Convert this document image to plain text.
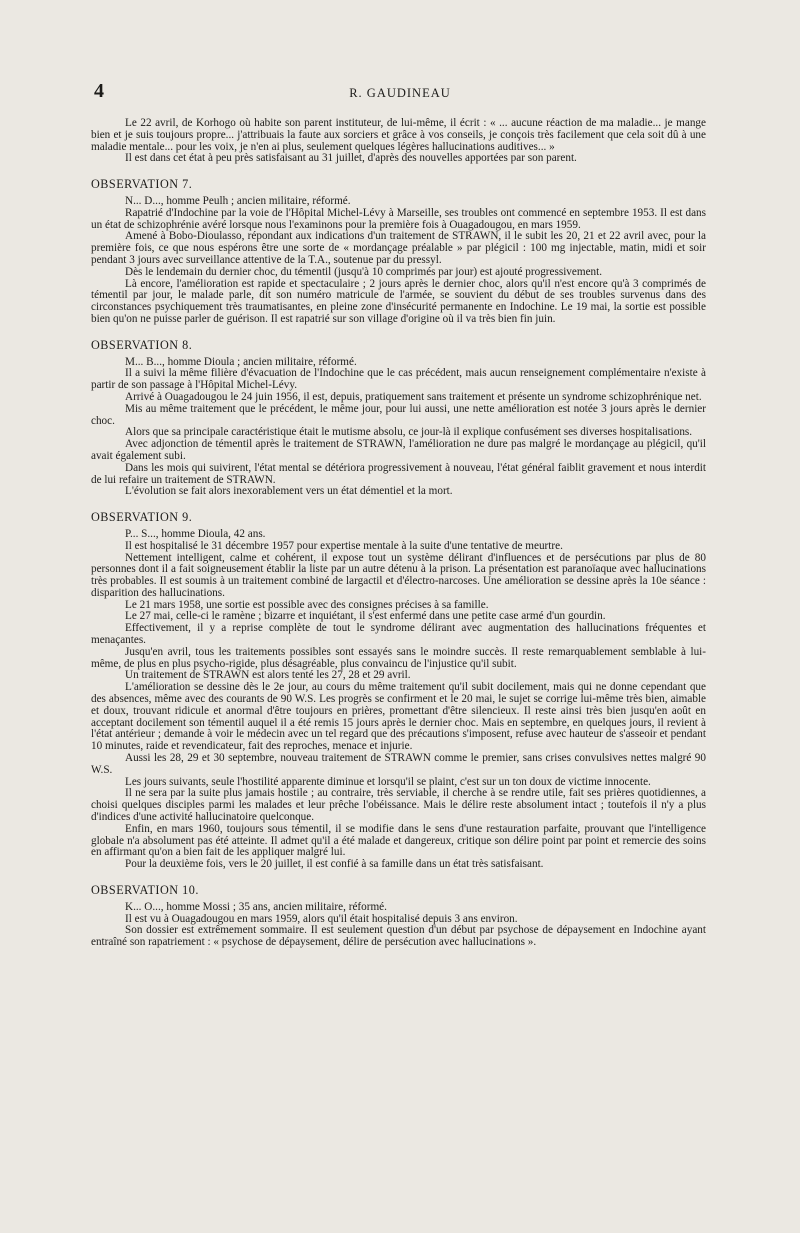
4	R. GAUDINEAU

Le 22 avril, de Korhogo où habite son parent instituteur, de lui-même, il écrit : « ... aucune réaction de ma maladie... je mange bien et je suis toujours propre... j'attribuais la faute aux sorciers et grâce à vos conseils, je conçois très facilement que cela soit dû à une maladie mentale... pour les voix, je n'en ai plus, seulement quelques légères hallucinations auditives... »

Il est dans cet état à peu près satisfaisant au 31 juillet, d'après des nouvelles apportées par son parent.

OBSERVATION 7.

N... D..., homme Peulh ; ancien militaire, réformé.

Rapatrié d'Indochine par la voie de l'Hôpital Michel-Lévy à Marseille, ses troubles ont commencé en septembre 1953. Il est dans un état de schizophrénie avéré lorsque nous l'examinons pour la première fois à Ouagadougou, en mars 1959.

Amené à Bobo-Dioulasso, répondant aux indications d'un traitement de STRAWN, il le subit les 20, 21 et 22 avril avec, pour la première fois, ce que nous espérons être une sorte de « mordançage préalable » par plégicil : 100 mg injectable, matin, midi et soir pendant 3 jours avec surveillance attentive de la T.A., soutenue par du pressyl.

Dès le lendemain du dernier choc, du témentil (jusqu'à 10 comprimés par jour) est ajouté progressivement.

Là encore, l'amélioration est rapide et spectaculaire ; 2 jours après le dernier choc, alors qu'il n'est encore qu'à 3 comprimés de témentil par jour, le malade parle, dit son numéro matricule de l'armée, se souvient du début de ses troubles survenus dans des circonstances psychiquement très traumatisantes, en pleine zone d'insécurité permanente en Indochine. Le 19 mai, la sortie est possible bien qu'on ne puisse parler de guérison. Il est rapatrié sur son village d'origine où il va très bien fin juin.

OBSERVATION 8.

M... B..., homme Dioula ; ancien militaire, réformé.

Il a suivi la même filière d'évacuation de l'Indochine que le cas précédent, mais aucun renseignement complémentaire n'existe à partir de son passage à l'Hôpital Michel-Lévy.

Arrivé à Ouagadougou le 24 juin 1956, il est, depuis, pratiquement sans traitement et présente un syndrome schizophrénique net.

Mis au même traitement que le précédent, le même jour, pour lui aussi, une nette amélioration est notée 3 jours après le dernier choc.

Alors que sa principale caractéristique était le mutisme absolu, ce jour-là il explique confusément ses diverses hospitalisations.

Avec adjonction de témentil après le traitement de STRAWN, l'amélioration ne dure pas malgré le mordançage au plégicil, qu'il avait également subi.

Dans les mois qui suivirent, l'état mental se détériora progressivement à nouveau, l'état général faiblit gravement et nous interdit de lui refaire un traitement de STRAWN.

L'évolution se fait alors inexorablement vers un état démentiel et la mort.

OBSERVATION 9.

P... S..., homme Dioula, 42 ans.

Il est hospitalisé le 31 décembre 1957 pour expertise mentale à la suite d'une tentative de meurtre.

Nettement intelligent, calme et cohérent, il expose tout un système délirant d'influences et de persécutions par plus de 80 personnes dont il a fait soigneusement établir la liste par un autre détenu à la prison. La présentation est paranoïaque avec hallucinations très probables. Il est soumis à un traitement combiné de largactil et d'électro-narcoses. Une amélioration se dessine après la 10e séance : disparition des hallucinations.

Le 21 mars 1958, une sortie est possible avec des consignes précises à sa famille.

Le 27 mai, celle-ci le ramène ; bizarre et inquiétant, il s'est enfermé dans une petite case armé d'un gourdin.

Effectivement, il y a reprise complète de tout le syndrome délirant avec augmentation des hallucinations fréquentes et menaçantes.

Jusqu'en avril, tous les traitements possibles sont essayés sans le moindre succès. Il reste remarquablement semblable à lui-même, de plus en plus psycho-rigide, plus désagréable, plus convaincu de l'injustice qu'il subit.

Un traitement de STRAWN est alors tenté les 27, 28 et 29 avril.

L'amélioration se dessine dès le 2e jour, au cours du même traitement qu'il subit docilement, mais qui ne donne cependant que des absences, même avec des courants de 90 W.S. Les progrès se confirment et le 20 mai, le sujet se corrige lui-même très bien, aimable et doux, trouvant ridicule et anormal d'être toujours en prières, promettant d'être silencieux. Il reste ainsi très bien jusqu'en août en acceptant docilement son témentil auquel il a été remis 15 jours après le dernier choc. Mais en septembre, en quelques jours, il revient à l'état antérieur ; demande à voir le médecin avec un tel regard que des précautions s'imposent, refuse avec hauteur de s'asseoir et pendant 10 minutes, raide et revendicateur, fait des reproches, menace et injurie.

Aussi les 28, 29 et 30 septembre, nouveau traitement de STRAWN comme le premier, sans crises convulsives nettes malgré 90 W.S.

Les jours suivants, seule l'hostilité apparente diminue et lorsqu'il se plaint, c'est sur un ton doux de victime innocente.

Il ne sera par la suite plus jamais hostile ; au contraire, très serviable, il cherche à se rendre utile, fait ses prières quotidiennes, a choisi quelques disciples parmi les malades et leur prêche l'obéissance. Mais le délire reste absolument intact ; toutefois il n'y a plus d'indices d'une activité hallucinatoire quelconque.

Enfin, en mars 1960, toujours sous témentil, il se modifie dans le sens d'une restauration parfaite, prouvant que l'intelligence globale n'a absolument pas été atteinte. Il admet qu'il a été malade et dangereux, critique son délire point par point et remercie des soins en affirmant qu'on a bien fait de les appliquer malgré lui.

Pour la deuxième fois, vers le 20 juillet, il est confié à sa famille dans un état très satisfaisant.

OBSERVATION 10.

K... O..., homme Mossi ; 35 ans, ancien militaire, réformé.

Il est vu à Ouagadougou en mars 1959, alors qu'il était hospitalisé depuis 3 ans environ.

Son dossier est extrêmement sommaire. Il est seulement question d'un début par psychose de dépaysement en Indochine ayant entraîné son rapatriement : « psychose de dépaysement, délire de persécution avec hallucinations ».
